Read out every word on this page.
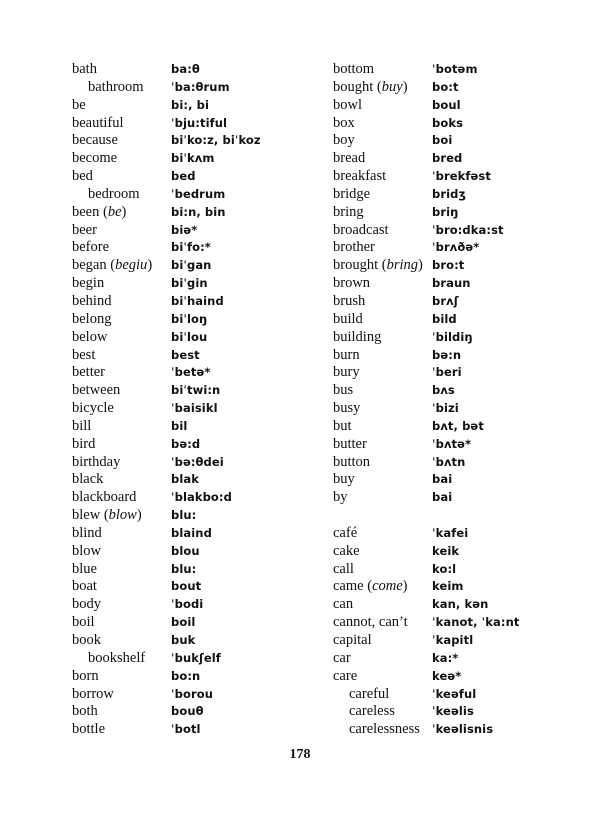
bath	ba:θ
bathroom ˈba:θrum
be	bi:, bi
beautiful	ˈbju:tiful
because	biˈko:z, biˈkoz
become	biˈkʌm
bed	bed
bedroom	ˈbedrum
been (be)	bi:n, bin
beer	biə*
before	biˈfo:*
began (begiu) biˈgan
begin	biˈgin
behind	biˈhaind
belong	biˈloŋ
below	biˈlou
best	best
better	ˈbetə*
between	biˈtwi:n
bicycle	ˈbaisikl
bill	bil
bird	bə:d
birthday	ˈbə:θdei
black	blak
blackboard	ˈblakbo:d
blew (blow)	blu:
blind	blaind
blow	blou
blue	blu:
boat	bout
body	ˈbodi
boil	boil
book	buk
bookshelf ˈbukʃelf
born	bo:n
borrow	ˈborou
both	bouθ
bottle	ˈbotl
bottom	ˈbotəm
bought (buy) bo:t
bowl	boul
box	boks
boy	boi
bread	bred
breakfast	ˈbrekfəst
bridge	bridʒ
bring	briŋ
broadcast	ˈbro:dka:st
brother	ˈbrʌðə*
brought (bring) bro:t
brown	braun
brush	brʌʃ
build	bild
building	ˈbildiŋ
burn	bə:n
bury	ˈberi
bus	bʌs
busy	ˈbizi
but	bʌt, bət
butter	ˈbʌtə*
button	ˈbʌtn
buy	bai
by	bai
café	ˈkafei
cake	keik
call	ko:l
came (come) keim
can	kan, kən
cannot, can’t ˈkanot, ˈka:nt
capital	ˈkapitl
car	ka:*
care	keə*
careful	ˈkeəful
careless	ˈkeəlis
carelessness ˈkeəlisnis
178
